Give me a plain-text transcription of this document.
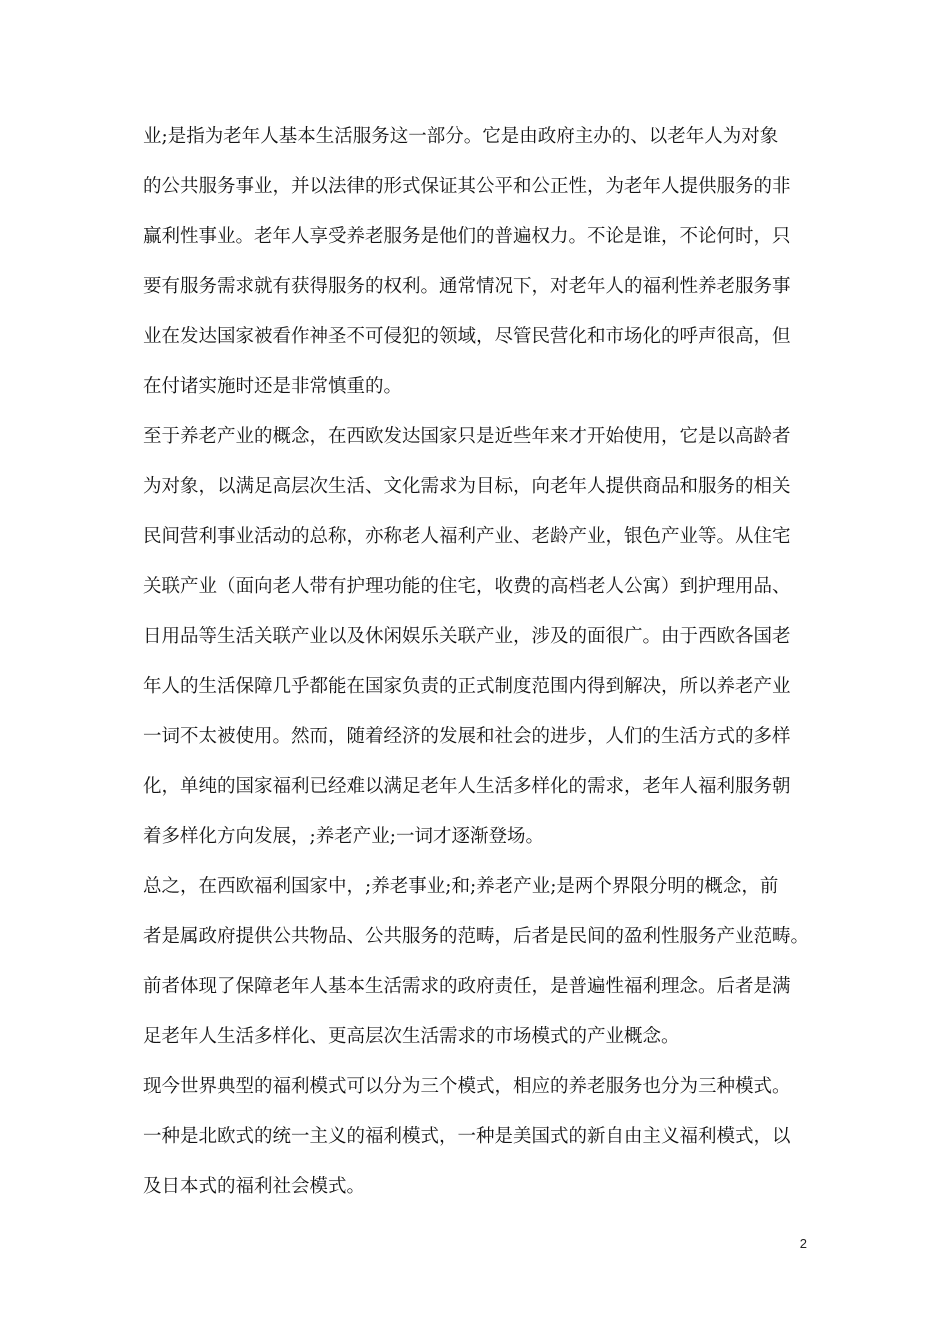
业;是指为老年人基本生活服务这一部分。它是由政府主办的、以老年人为对象
的公共服务事业，并以法律的形式保证其公平和公正性，为老年人提供服务的非
赢利性事业。老年人享受养老服务是他们的普遍权力。不论是谁，不论何时，只
要有服务需求就有获得服务的权利。通常情况下，对老年人的福利性养老服务事
业在发达国家被看作神圣不可侵犯的领域，尽管民营化和市场化的呼声很高，但
在付诸实施时还是非常慎重的。
至于养老产业的概念，在西欧发达国家只是近些年来才开始使用，它是以高龄者
为对象，以满足高层次生活、文化需求为目标，向老年人提供商品和服务的相关
民间营利事业活动的总称，亦称老人福利产业、老龄产业，银色产业等。从住宅
关联产业（面向老人带有护理功能的住宅，收费的高档老人公寓）到护理用品、
日用品等生活关联产业以及休闲娱乐关联产业，涉及的面很广。由于西欧各国老
年人的生活保障几乎都能在国家负责的正式制度范围内得到解决，所以养老产业
一词不太被使用。然而，随着经济的发展和社会的进步，人们的生活方式的多样
化，单纯的国家福利已经难以满足老年人生活多样化的需求，老年人福利服务朝
着多样化方向发展，;养老产业;一词才逐渐登场。
总之，在西欧福利国家中，;养老事业;和;养老产业;是两个界限分明的概念，前
者是属政府提供公共物品、公共服务的范畴，后者是民间的盈利性服务产业范畴。
前者体现了保障老年人基本生活需求的政府责任，是普遍性福利理念。后者是满
足老年人生活多样化、更高层次生活需求的市场模式的产业概念。
现今世界典型的福利模式可以分为三个模式，相应的养老服务也分为三种模式。
一种是北欧式的统一主义的福利模式，一种是美国式的新自由主义福利模式，以
及日本式的福利社会模式。
2
